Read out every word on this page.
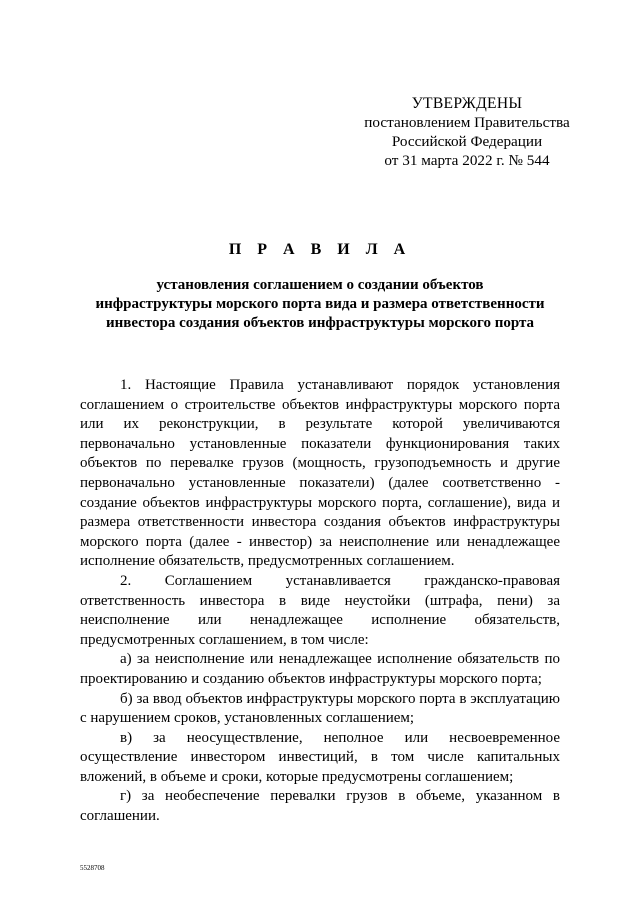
УТВЕРЖДЕНЫ
постановлением Правительства
Российской Федерации
от 31 марта 2022 г. № 544
П Р А В И Л А
установления соглашением о создании объектов
инфраструктуры морского порта вида и размера ответственности
инвестора создания объектов инфраструктуры морского порта

1. Настоящие Правила устанавливают порядок установления соглашением о строительстве объектов инфраструктуры морского порта или их реконструкции, в результате которой увеличиваются первоначально установленные показатели функционирования таких объектов по перевалке грузов (мощность, грузоподъемность и другие первоначально установленные показатели) (далее соответственно - создание объектов инфраструктуры морского порта, соглашение), вида и размера ответственности инвестора создания объектов инфраструктуры морского порта (далее - инвестор) за неисполнение или ненадлежащее исполнение обязательств, предусмотренных соглашением.

2. Соглашением устанавливается гражданско-правовая ответственность инвестора в виде неустойки (штрафа, пени) за неисполнение или ненадлежащее исполнение обязательств, предусмотренных соглашением, в том числе:

а) за неисполнение или ненадлежащее исполнение обязательств по проектированию и созданию объектов инфраструктуры морского порта;

б) за ввод объектов инфраструктуры морского порта в эксплуатацию с нарушением сроков, установленных соглашением;

в) за неосуществление, неполное или несвоевременное осуществление инвестором инвестиций, в том числе капитальных вложений, в объеме и сроки, которые предусмотрены соглашением;

г) за необеспечение перевалки грузов в объеме, указанном в соглашении.

5528708
